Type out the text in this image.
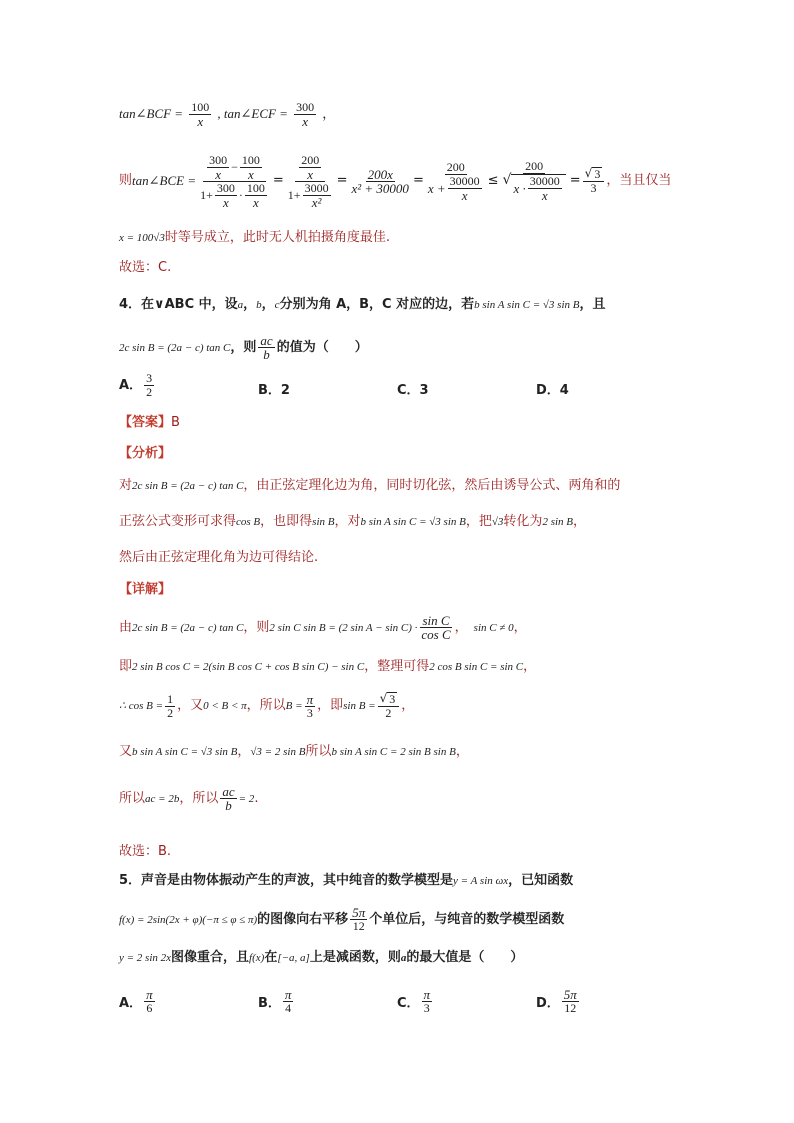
tan∠BCF = $\frac{100}{x}$ , tan∠ECF = $\frac{300}{x}$ ，
则 tan∠BCE = $\frac{\frac{300}{x} - \frac{100}{x}}{1+ \frac{300}{x} \cdot \frac{100}{x}} = \frac{\frac{200}{x}}{1+ \frac{3000}{\text{x²}}} = \frac{200x}{\text{x² + 30000}} = \frac{200}{x + \frac{30000}{x}} \le 200$
√
$x \cdot \frac{30000}{x} = \frac{√ 3}{3}$ ，当且仅当
x = 100√3时等号成立，此时无人机拍摄角度最佳.
故选：C.
4．在∨ABC 中，设a，b，c分别为角 A，B，C 对应的边，若b sin A sin C = √3 sin B，且
2c sin B = (2a − c) tan C，则 $\frac{ac}{b}$ 的值为（　　）
A． $\frac{3}{2}$	B．2	C．3	D．4
【答案】B
【分析】
对2c sin B = (2a − c) tan C，由正弦定理化边为角，同时切化弦，然后由诱导公式、两角和的
正弦公式变形可求得cos B，也即得sin B，对b sin A sin C = √3 sin B，把√3转化为2 sin B，
然后由正弦定理化角为边可得结论.
【详解】
由 2c sin B = (2a − c) tan C ，则 2 sin C sin B = (2 $\sin A - \sin C) \cdot \frac{\text{sin C}}{\text{cos C}}$ ， sin C ≠ 0 ，
即2 sin B cos C = 2(sin B cos C + cos B sin C) − sin C，整理可得2 cos B sin C = sin C，
∴ $\cos B = \frac{1}{2}$ ，又 0 < B < π ，所以 $B = \frac{\pi}{3}$ ，即 $\sin B = \frac{√ 3}{2}$ ，
又b sin A sin C = √3 sin B，√3 = 2 sin B所以b sin A sin C = 2 sin B sin B，
所以 ac = 2b ，所以 $\frac{ac}{b} = 2$ .
故选：B.
5．声音是由物体振动产生的声波，其中纯音的数学模型是y = A sin ωx，已知函数
f(x) = 2sin(2x + φ)(−π ≤ φ ≤ π) 的图像向右平移 $\frac{5\pi}{12}$ 个单位后，与纯音的数学模型函数
y = 2 sin 2x图像重合，且f(x)在[−a, a]上是减函数，则a的最大值是（　　）
A． $\frac{\pi}{6}$	B． $\frac{\pi}{4}$	C． $\frac{\pi}{3}$	D． $\frac{5\pi}{12}$
